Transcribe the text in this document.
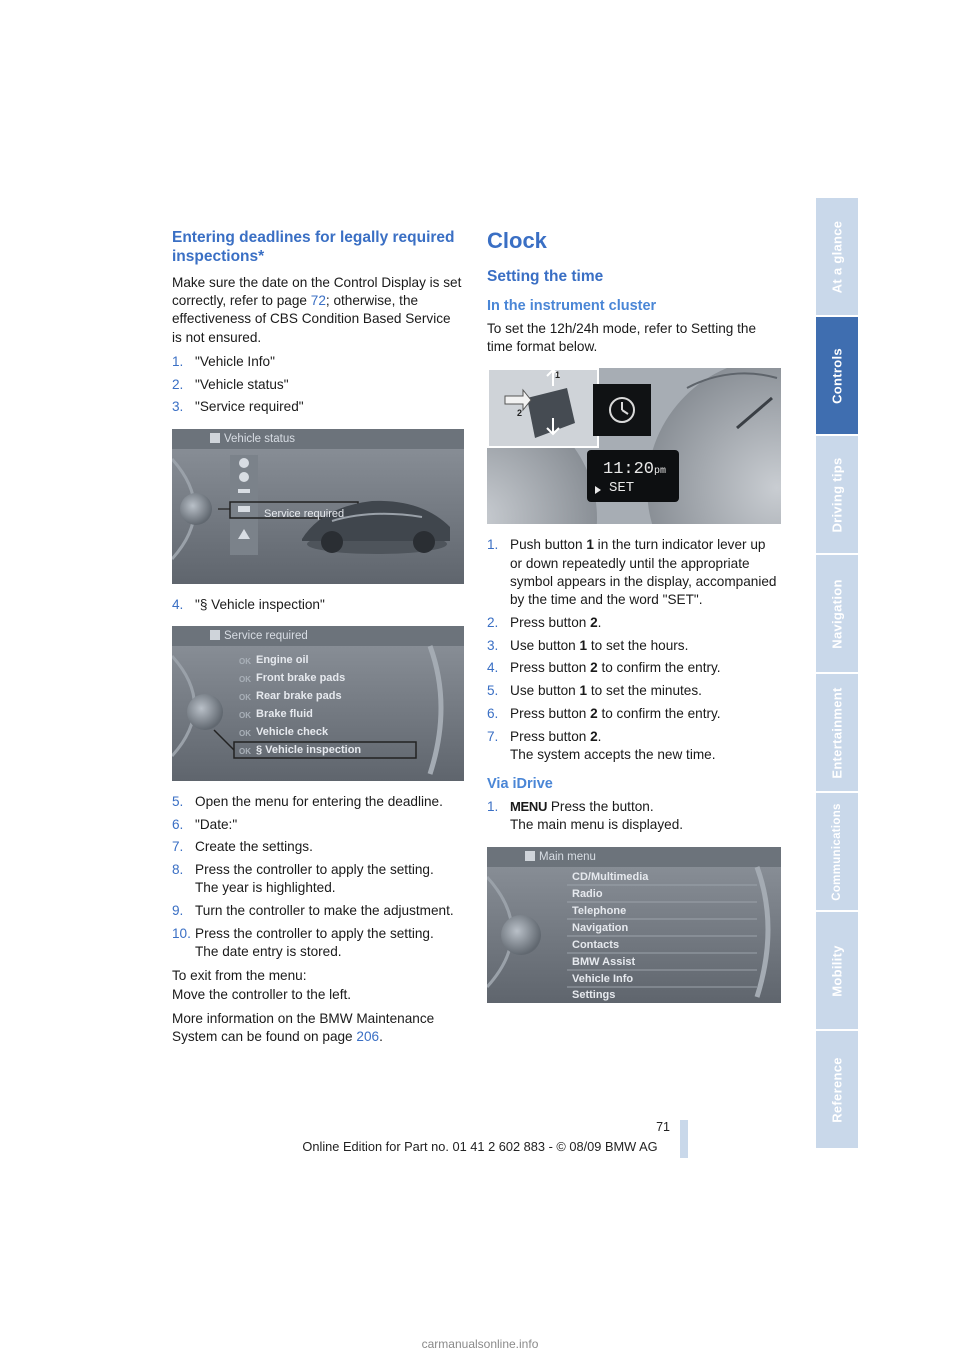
Entering deadlines for legally required inspections*

Make sure the date on the Control Display is set correctly, refer to page 72; otherwise, the effectiveness of CBS Condition Based Service is not ensured.

1. "Vehicle Info"
2. "Vehicle status"
3. "Service required"
Vehicle status
Service required
4. "§ Vehicle inspection"
Service required
OK Engine oil
OK Front brake pads
OK Rear brake pads
OK Brake fluid
OK Vehicle check
OK § Vehicle inspection
5. Open the menu for entering the deadline.
6. "Date:"
7. Create the settings.
8. Press the controller to apply the setting.
The year is highlighted.
9. Turn the controller to make the adjustment.
10. Press the controller to apply the setting.
The date entry is stored.

To exit from the menu:
Move the controller to the left.

More information on the BMW Maintenance System can be found on page 206.

Clock
Setting the time
In the instrument cluster

To set the 12h/24h mode, refer to Setting the time format below.

11:20pm
SET
1
2
1. Push button 1 in the turn indicator lever up or down repeatedly until the appropriate symbol appears in the display, accompanied by the time and the word "SET".
2. Press button 2.
3. Use button 1 to set the hours.
4. Press button 2 to confirm the entry.
5. Use button 1 to set the minutes.
6. Press button 2 to confirm the entry.
7. Press button 2.
The system accepts the new time.
Via iDrive
1. MENU Press the button.
The main menu is displayed.
Main menu
CD/Multimedia
Radio
Telephone
Navigation
Contacts
BMW Assist
Vehicle Info
Settings
At a glance
Controls
Driving tips
Navigation
Entertainment
Communications
Mobility
Reference
71
Online Edition for Part no. 01 41 2 602 883 - © 08/09 BMW AG
carmanualsonline.info
